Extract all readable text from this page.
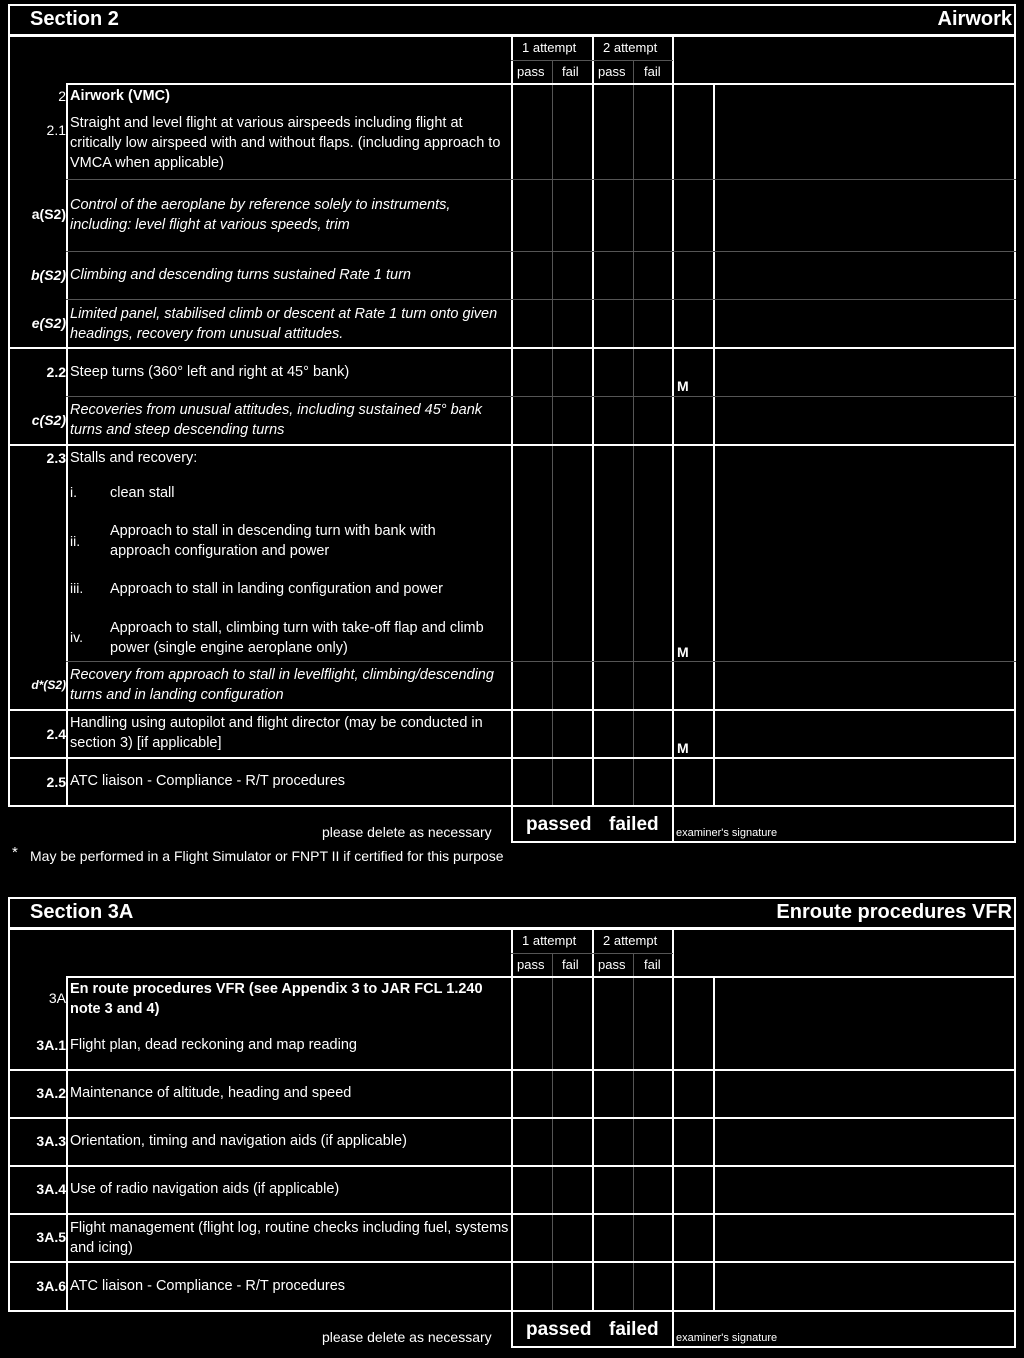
Section 2	Airwork
1 attempt 2 attempt
pass fail pass fail
2 Airwork (VMC)
2.1 Straight and level flight at various airspeeds including flight at critically low airspeed with and without flaps. (including approach to VMCA when applicable)
a(S2)
Control of the aeroplane by reference solely to instruments, including: level flight at various speeds, trim
b(S2) Climbing and descending turns sustained Rate 1 turn
e(S2)
Limited panel, stabilised climb or descent at Rate 1 turn onto given headings, recovery from unusual attitudes.
2.2 Steep turns (360° left and right at 45° bank)
c(S2)
Recoveries from unusual attitudes, including sustained 45° bank turns and steep descending turns
2.3 Stalls and recovery:
i. clean stall
ii.
Approach to stall in descending turn with bank with approach configuration and power
iii. Approach to stall in landing configuration and power
iv.
Approach to stall, climbing turn with take-off flap and climb power (single engine aeroplane only)
d*(S2)
Recovery from approach to stall in levelflight, climbing/descending turns and in landing configuration
2.4
Handling using autopilot and flight director (may be conducted in section 3) [if applicable]
2.5 ATC liaison - Compliance - R/T procedures
M
M
M
please delete as necessary passed failed examiner's signature
* May be performed in a Flight Simulator or FNPT II if certified for this purpose
Section 3A	Enroute procedures VFR
1 attempt 2 attempt
pass fail pass fail
3A
En route procedures VFR (see Appendix 3 to JAR FCL 1.240 note 3 and 4)
3A.1 Flight plan, dead reckoning and map reading
3A.2 Maintenance of altitude, heading and speed
3A.3 Orientation, timing and navigation aids (if applicable)
3A.4 Use of radio navigation aids (if applicable)
3A.5
Flight management (flight log, routine checks including fuel, systems and icing)
3A.6 ATC liaison - Compliance - R/T procedures
please delete as necessary passed failed examiner's signature
